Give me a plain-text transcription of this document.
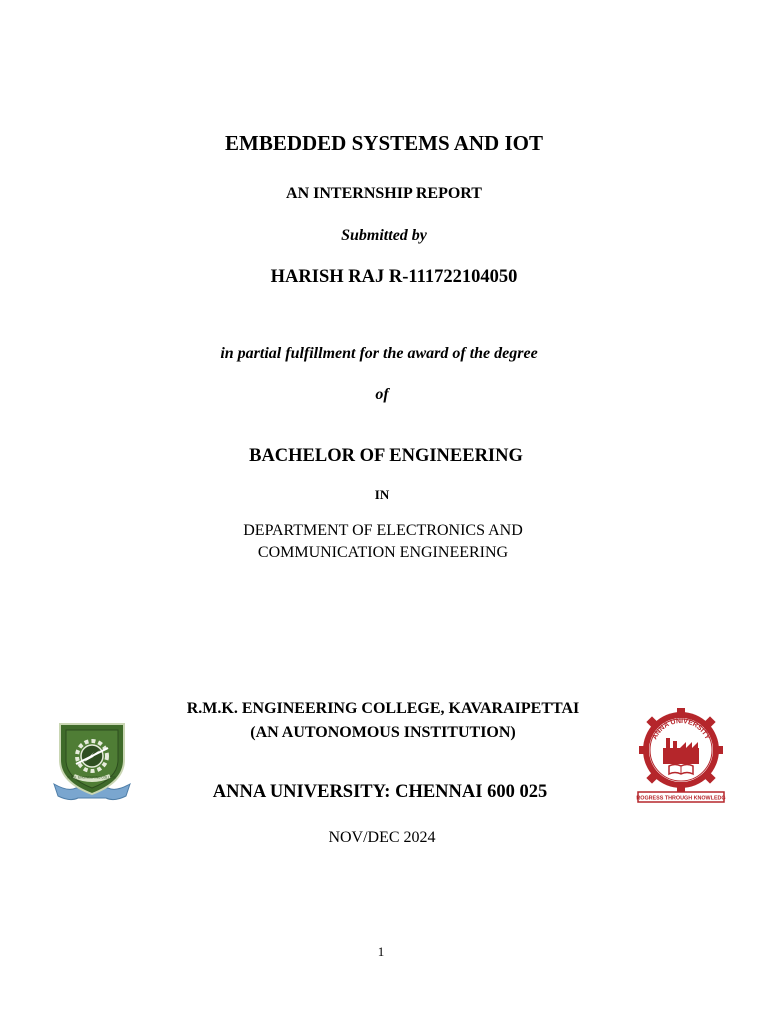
EMBEDDED SYSTEMS AND IOT
AN INTERNSHIP REPORT
Submitted by
HARISH RAJ R-111722104050
in partial fulfillment for the award of the degree
of
BACHELOR OF ENGINEERING
IN
DEPARTMENT OF ELECTRONICS AND
COMMUNICATION ENGINEERING
R.M.K. ENGINEERING COLLEGE, KAVARAIPETTAI
(AN AUTONOMOUS INSTITUTION)
ANNA UNIVERSITY: CHENNAI 600 025
NOV/DEC 2024
1
R.M.K. ENGINEERING COLLEGE
ANNA UNIVERSITY
PROGRESS THROUGH KNOWLEDGE
